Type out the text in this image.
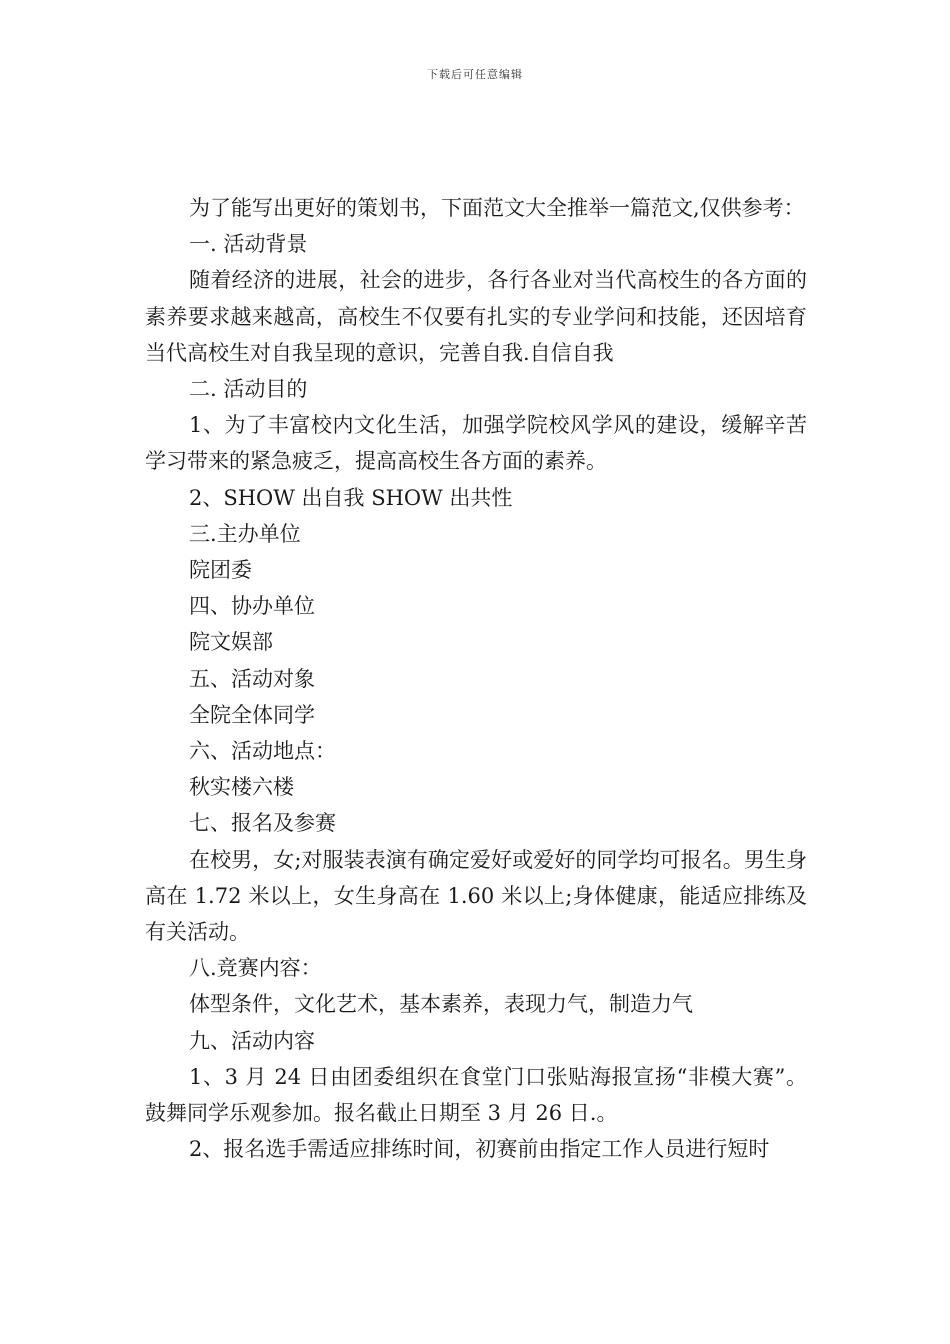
下载后可任意编辑

为了能写出更好的策划书，下面范文大全推举一篇范文,仅供参考：

一. 活动背景

随着经济的进展，社会的进步，各行各业对当代高校生的各方面的素养要求越来越高，高校生不仅要有扎实的专业学问和技能，还因培育当代高校生对自我呈现的意识，完善自我.自信自我

二. 活动目的

1、为了丰富校内文化生活，加强学院校风学风的建设，缓解辛苦学习带来的紧急疲乏，提高高校生各方面的素养。

2、SHOW 出自我 SHOW 出共性

三.主办单位

院团委

四、协办单位

院文娱部

五、活动对象

全院全体同学

六、活动地点：

秋实楼六楼

七、报名及参赛

在校男，女;对服装表演有确定爱好或爱好的同学均可报名。男生身高在 1.72 米以上，女生身高在 1.60 米以上;身体健康，能适应排练及有关活动。

八.竞赛内容：

体型条件，文化艺术，基本素养，表现力气，制造力气

九、活动内容

1、3 月 24 日由团委组织在食堂门口张贴海报宣扬“非模大赛”。鼓舞同学乐观参加。报名截止日期至 3 月 26 日.。

2、报名选手需适应排练时间，初赛前由指定工作人员进行短时
